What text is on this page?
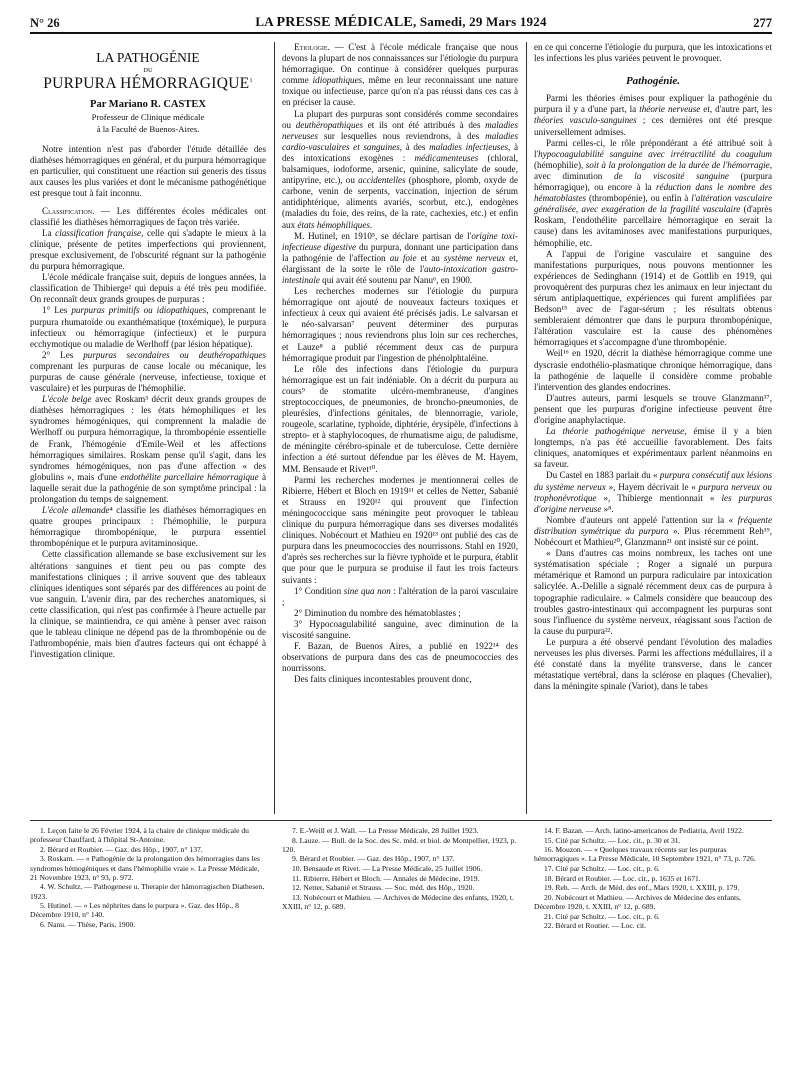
N° 26	LA PRESSE MÉDICALE, Samedi, 29 Mars 1924	277
LA PATHOGÉNIE
DU
PURPURA HÉMORRAGIQUE$^1$
Par Mariano R. CASTEX
Professeur de Clinique médicale
à la Faculté de Buenos-Aires.

Notre intention n'est pas d'aborder l'étude détaillée des diathèses hémorragiques en général, et du purpura hémorragique en particulier, qui constituent une réaction sui generis des tissus aux causes les plus variées et dont le mécanisme pathogénétique est presque tout à fait inconnu.

Classification. — Les différentes écoles médicales ont classifié les diathèses hémorragiques de façon très variée.

La classification française, celle qui s'adapte le mieux à la clinique, présente de petites imperfections qui proviennent, presque exclusivement, de l'obscurité régnant sur la pathogénie du purpura hémorragique.

L'école médicale française suit, depuis de longues années, la classification de Thibierge² qui depuis a été très peu modifiée. On reconnaît deux grands groupes de purpuras :

1° Les purpuras primitifs ou idiopathiques, comprenant le purpura rhumatoïde ou exanthématique (toxémique), le purpura infectieux ou hémorragique (infectieux) et le purpura ecchymotique ou maladie de Werlhoff (par lésion hépatique).

2° Les purpuras secondaires ou deuthéropathiques comprenant les purpuras de cause locale ou mécanique, les purpuras de cause générale (nerveuse, infectieuse, toxique et vasculaire) et les purpuras de l'hémophilie.

L'école belge avec Roskam³ décrit deux grands groupes de diathèses hémorragiques : les états hémophiliques et les syndromes hémogéniques, qui comprennent la maladie de Werlhoff ou purpura hémorragique, la thrombopénie essentielle de Frank, l'hémogénie d'Emile-Weil et les affections hémorragiques similaires. Roskam pense qu'il s'agit, dans les syndromes hémogéniques, non pas d'une affection « des globulins », mais d'une endothélite parcellaire hémorragique à laquelle serait due la pathogénie de son symptôme principal : la prolongation du temps de saignement.

L'école allemande⁴ classifie les diathèses hémorragiques en quatre groupes principaux : l'hémophilie, le purpura hémorragique thrombopénique, le purpura essentiel thrombopénique et le purpura avitaminosique.

Cette classification allemande se base exclusivement sur les altérations sanguines et tient peu ou pas compte des manifestations cliniques ; il arrive souvent que des tableaux cliniques identiques sont séparés par des différences au point de vue sanguin. L'avenir dira, par des recherches anatomiques, si cette classification, qui n'est pas confirmée à l'heure actuelle par la clinique, se maintiendra, ce qui amène à penser avec raison que le tableau clinique ne dépend pas de la thrombopénie ou de l'athrombopénie, mais bien d'autres facteurs qui ont échappé à l'investigation clinique.

Etiologie. — C'est à l'école médicale française que nous devons la plupart de nos connaissances sur l'étiologie du purpura hémorragique. On continue à considérer quelques purpuras comme idiopathiques, même en leur reconnaissant une nature toxique ou infectieuse, parce qu'on n'a pas réussi dans ces cas à en préciser la cause.

La plupart des purpuras sont considérés comme secondaires ou deuthéropathiques et ils ont été attribués à des maladies nerveuses sur lesquelles nous reviendrons, à des maladies cardio-vasculaires et sanguines, à des maladies infectieuses, à des intoxications exogènes : médicamenteuses (chloral, balsamiques, iodoforme, arsenic, quinine, salicylate de soude, antipyrine, etc.), ou accidentelles (phosphore, plomb, oxyde de carbone, venin de serpents, vaccination, injection de sérum antidiphtérique, aliments avariés, scorbut, etc.), endogènes (maladies du foie, des reins, de la rate, cachexies, etc.) et enfin aux états hémophiliques.

M. Hutinel, en 1910⁵, se déclare partisan de l'origine toxi-infectieuse digestive du purpura, donnant une participation dans la pathogénie de l'affection au foie et au système nerveux et, élargissant de la sorte le rôle de l'auto-intoxication gastro-intestinale qui avait été soutenu par Nanu⁶, en 1900.

Les recherches modernes sur l'étiologie du purpura hémorragique ont ajouté de nouveaux facteurs toxiques et infectieux à ceux qui avaient été précisés jadis. Le salvarsan et le néo-salvarsan⁷ peuvent déterminer des purpuras hémorragiques ; nous reviendrons plus loin sur ces recherches, et Lauze⁸ a publié récemment deux cas de purpura hémorragique produit par l'ingestion de phénolphtaléine.

Le rôle des infections dans l'étiologie du purpura hémorragique est un fait indéniable. On a décrit du purpura au cours⁹ de stomatite ulcéro-membraneuse, d'angines streptococciques, de pneumonies, de broncho-pneumonies, de pleurésies, d'infections génitales, de blennorragie, variole, rougeole, scarlatine, typhoïde, diphtérie, érysipèle, d'infections à strepto- et à staphylocoques, de rhumatisme aigu, de paludisme, de méningite cérébro-spinale et de tuberculose. Cette dernière infection a été surtout défendue par les élèves de M. Hayem, MM. Bensaude et Rivet¹⁰.

Parmi les recherches modernes je mentionnerai celles de Ribierre, Hébert et Bloch en 1919¹¹ et celles de Netter, Sabanié et Strauss en 1920¹² qui prouvent que l'infection méningococcique sans méningite peut provoquer le tableau clinique du purpura hémorragique dans ses diverses modalités cliniques. Nobécourt et Mathieu en 1920¹³ ont publié des cas de purpura dans les pneumococcies des nourrissons. Stahl en 1920, d'après ses recherches sur la fièvre typhoïde et le purpura, établit que pour que le purpura se produise il faut les trois facteurs suivants :

1° Condition sine qua non : l'altération de la paroi vasculaire ;

2° Diminution du nombre des hématoblastes ;

3° Hypocoagulabilité sanguine, avec diminution de la viscosité sanguine.

F. Bazan, de Buenos Aires, a publié en 1922¹⁴ des observations de purpura dans des cas de pneumococcies des nourrissons.

Des faits cliniques incontestables prouvent donc,

en ce qui concerne l'étiologie du purpura, que les intoxications et les infections les plus variées peuvent le provoquer.

Pathogénie.

Parmi les théories émises pour expliquer la pathogénie du purpura il y a d'une part, la théorie nerveuse et, d'autre part, les théories vasculo-sanguines ; ces dernières ont été presque universellement admises.

Parmi celles-ci, le rôle prépondérant a été attribué soit à l'hypocoagulabilité sanguine avec irrétractilité du coagulum (hémophilie), soit à la prolongation de la durée de l'hémorragie, avec diminution de la viscosité sanguine (purpura hémorragique), ou encore à la réduction dans le nombre des hématoblastes (thrombopénie), ou enfin à l'altération vasculaire généralisée, avec exagération de la fragilité vasculaire (d'après Roskam, l'endothélite parcellaire hémorragique en serait la cause) dans les avitaminoses avec manifestations purpuriques, hémophilie, etc.

A l'appui de l'origine vasculaire et sanguine des manifestations purpuriques, nous pouvons mentionner les expériences de Sedinghann (1914) et de Gottlib en 1919, qui provoquèrent des purpuras chez les animaux en leur injectant du sérum antiplaquettique, expériences qui furent amplifiées par Bedson¹⁵ avec de l'agar-sérum ; les résultats obtenus sembleraient démontrer que dans le purpura thrombopénique, l'altération vasculaire est la cause des phénomènes hémorragiques et s'accompagne d'une thrombopénie.

Weil¹⁶ en 1920, décrit la diathèse hémorragique comme une dyscrasie endothélio-plasmatique chronique hémorragique, dans la pathogénie de laquelle il considère comme probable l'intervention des glandes endocrines.

D'autres auteurs, parmi lesquels se trouve Glanzmann¹⁷, pensent que les purpuras d'origine infectieuse peuvent être d'origine anaphylactique.

La théorie pathogénique nerveuse, émise il y a bien longtemps, n'a pas été accueillie favorablement. Des faits cliniques, anatomiques et expérimentaux parlent néanmoins en sa faveur.

Du Castel en 1883 parlait du « purpura consécutif aux lésions du système nerveux », Hayem décrivait le « purpura nerveux ou trophonévrotique », Thibierge mentionnait « les purpuras d'origine nerveuse »⁸.

Nombre d'auteurs ont appelé l'attention sur la « fréquente distribution symétrique du purpura ». Plus récemment Reh¹⁹, Nobécourt et Mathieu²⁰, Glanzmann²¹ ont insisté sur ce point.

« Dans d'autres cas moins nombreux, les taches ont une systématisation spéciale ; Roger a signalé un purpura métamérique et Ramond un purpura radiculaire par intoxication salicylée. A.-Delille a signalé récemment deux cas de purpura à topographie radiculaire. » Calmels considère que beaucoup des troubles gastro-intestinaux qui accompagnent les purpuras sont sous l'influence du système nerveux, réagissant sous l'action de la cause du purpura²².

Le purpura a été observé pendant l'évolution des maladies nerveuses les plus diverses. Parmi les affections médullaires, il a été constaté dans la myélite transverse, dans le cancer métastatique vertébral, dans la sclérose en plaques (Chevalier), dans la méningite spinale (Variot), dans le tabes

1. Leçon faite le 26 Février 1924, à la chaire de clinique médicale du professeur Chauffard, à l'hôpital St-Antoine.
2. Bérard et Roubier. — Gaz. des Hôp., 1907, n° 137.
3. Roskam. — « Pathogénie de la prolongation des hémorragies dans les syndromes hémogéniques et dans l'hémophilie vraie ». La Presse Médicale, 21 Novembre 1923, n° 93, p. 972.
4. W. Schultz. — Pathogenese u. Therapie der hämorragischen Diathesen, 1923.
5. Hutinel. — « Les néphrites dans le purpura ». Gaz. des Hôp., 8 Décembre 1910, n° 140.
6. Nanu. — Thèse, Paris, 1900.
7. E.-Weill et J. Wall. — La Presse Médicale, 28 Juillet 1923.
8. Lauze. — Bull. de la Soc. des Sc. méd. et biol. de Montpellier, 1923, p. 120.
9. Bérard et Roubier. — Gaz. des Hôp., 1907, n° 137.
10. Bensaude et Rivet. — La Presse Médicale, 25 Juillet 1906.
11. Ribierre, Hébert et Bloch. — Annales de Médecine, 1919.
12. Netter, Sabanié et Strauss. — Soc. méd. des Hôp., 1920.
13. Nobécourt et Mathieu. — Archives de Médecine des enfants, 1920, t. XXIII, n° 12, p. 689.
14. F. Bazan. — Arch. latino-americanos de Pediatria, Avril 1922.
15. Cité par Schultz. — Loc. cit., p. 30 et 31.
16. Mouzon. — « Quelques travaux récents sur les purpuras hémorragiques ». La Presse Médicale, 10 Septembre 1921, n° 73, p. 726.
17. Cité par Schultz. — Loc. cit., p. 6.
18. Bérard et Roubier. — Loc. cit., p. 1635 et 1671.
19. Reh. — Arch. de Méd. des enf., Mars 1920, t. XXIII, p. 179.
20. Nobécourt et Mathieu. — Archives de Médecine des enfants, Décembre 1920, t. XXIII, n° 12, p. 689.
21. Cité par Schultz. — Loc. cit., p. 6.
22. Bérard et Routier. — Loc. cit.
